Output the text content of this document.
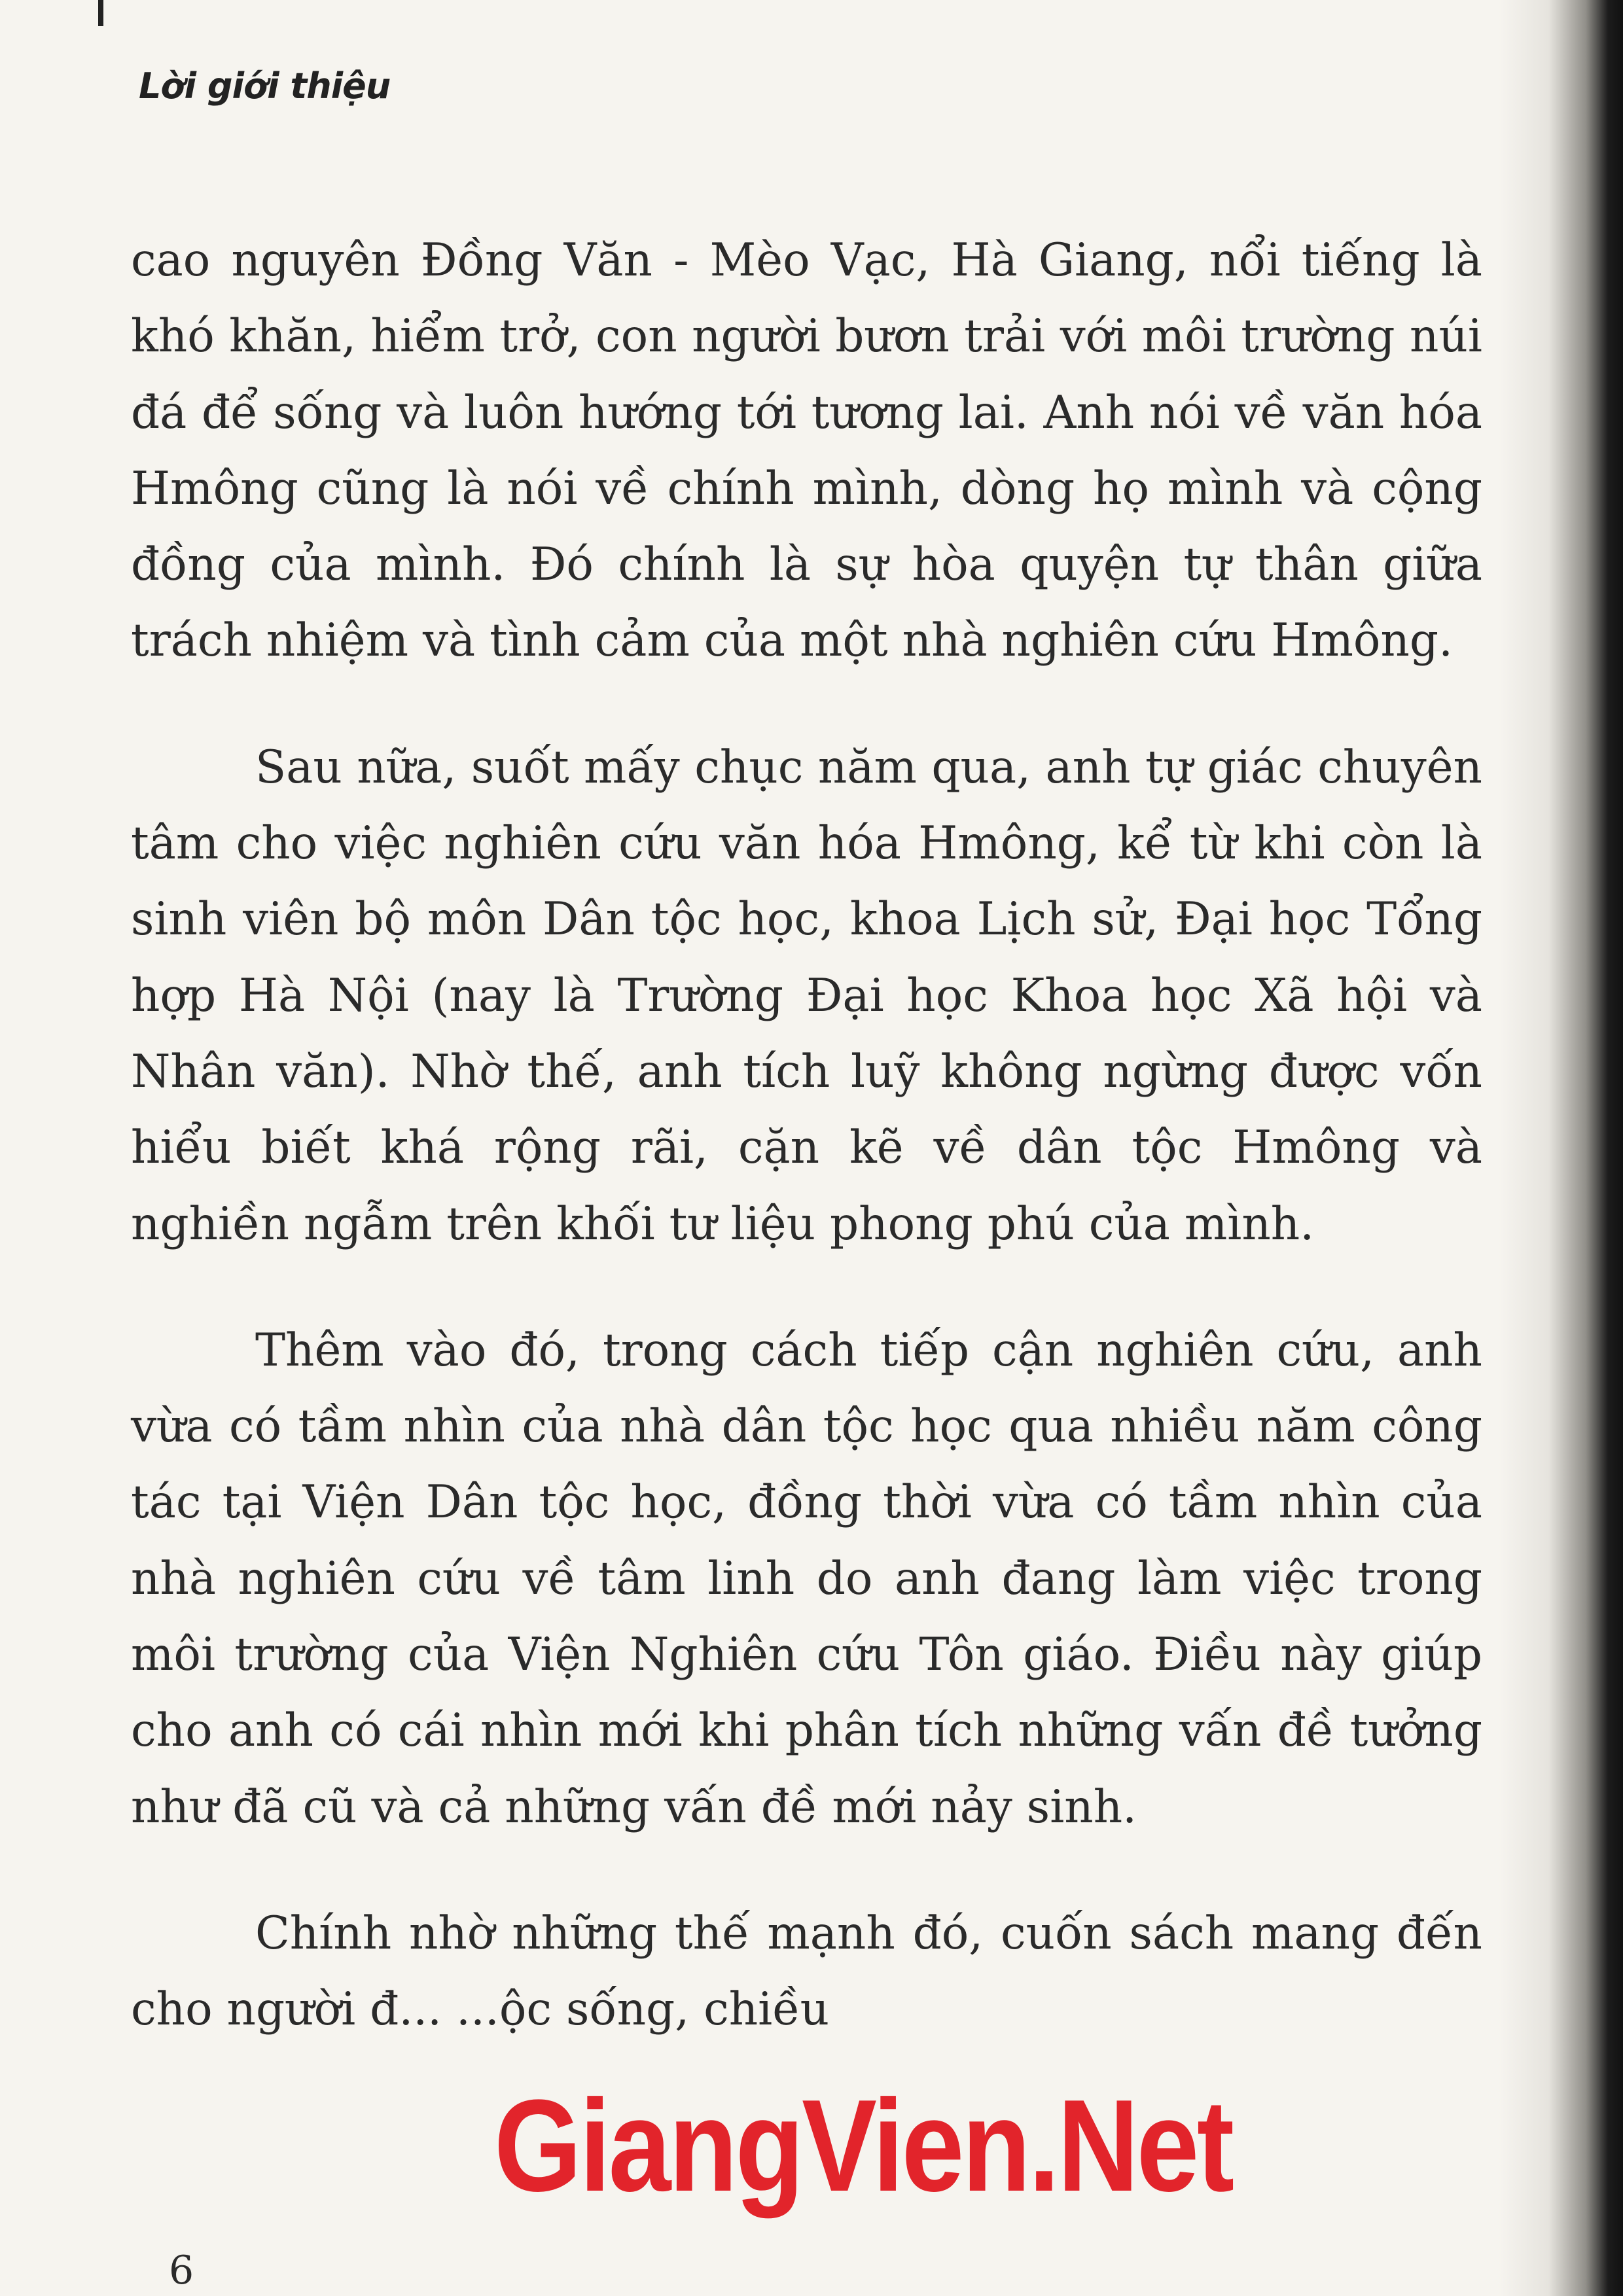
Lời giới thiệu

cao nguyên Đồng Văn - Mèo Vạc, Hà Giang, nổi tiếng là khó khăn, hiểm trở, con người bươn trải với môi trường núi đá để sống và luôn hướng tới tương lai. Anh nói về văn hóa Hmông cũng là nói về chính mình, dòng họ mình và cộng đồng của mình. Đó chính là sự hòa quyện tự thân giữa trách nhiệm và tình cảm của một nhà nghiên cứu Hmông.

Sau nữa, suốt mấy chục năm qua, anh tự giác chuyên tâm cho việc nghiên cứu văn hóa Hmông, kể từ khi còn là sinh viên bộ môn Dân tộc học, khoa Lịch sử, Đại học Tổng hợp Hà Nội (nay là Trường Đại học Khoa học Xã hội và Nhân văn). Nhờ thế, anh tích luỹ không ngừng được vốn hiểu biết khá rộng rãi, cặn kẽ về dân tộc Hmông và nghiền ngẫm trên khối tư liệu phong phú của mình.

Thêm vào đó, trong cách tiếp cận nghiên cứu, anh vừa có tầm nhìn của nhà dân tộc học qua nhiều năm công tác tại Viện Dân tộc học, đồng thời vừa có tầm nhìn của nhà nghiên cứu về tâm linh do anh đang làm việc trong môi trường của Viện Nghiên cứu Tôn giáo. Điều này giúp cho anh có cái nhìn mới khi phân tích những vấn đề tưởng như đã cũ và cả những vấn đề mới nảy sinh.

Chính nhờ những thế mạnh đó, cuốn sách mang đến cho người đ... ...ộc sống, chiều

GiangVien.Net
6
